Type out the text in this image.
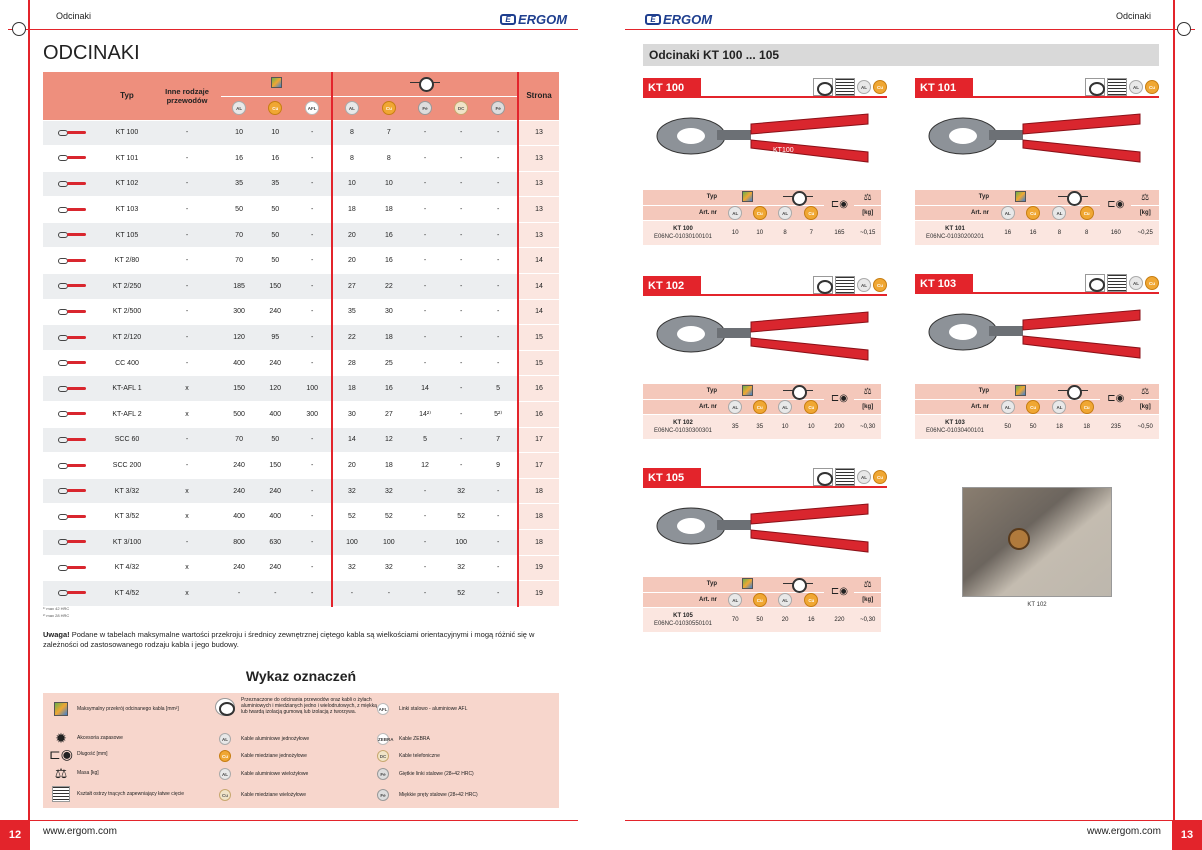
Odcinaki	E ERGOM
ODCINAKI
	Typ	Inne rodzaje przewodów									Strona
			AL	Cu	AFL	AL	Cu	Fe	DC	Fe	
	KT 100	-	10	10	-	8	7	-	-	-	13
	KT 101	-	16	16	-	8	8	-	-	-	13
	KT 102	-	35	35	-	10	10	-	-	-	13
	KT 103	-	50	50	-	18	18	-	-	-	13
	KT 105	-	70	50	-	20	16	-	-	-	13
	KT 2/80	-	70	50	-	20	16	-	-	-	14
	KT 2/250	-	185	150	-	27	22	-	-	-	14
	KT 2/500	-	300	240	-	35	30	-	-	-	14
	KT 2/120	-	120	95	-	22	18	-	-	-	15
	CC 400	-	400	240	-	28	25	-	-	-	15
	KT-AFL 1	x	150	120	100	18	16	14	-	5	16
	KT-AFL 2	x	500	400	300	30	27	14²⁾	-	5²⁾	16
	SCC 60	-	70	50	-	14	12	5	-	7	17
	SCC 200	-	240	150	-	20	18	12	-	9	17
	KT 3/32	x	240	240	-	32	32	-	32	-	18
	KT 3/52	x	400	400	-	52	52	-	52	-	18
	KT 3/100	-	800	630	-	100	100	-	100	-	18
	KT 4/32	x	240	240	-	32	32	-	32	-	19
	KT 4/52	x	-	-	-	-	-	-	52	-	19
¹⁾ max 42 HRC
²⁾ max 28 HRC
Uwaga! Podane w tabelach maksymalne wartości przekroju i średnicy zewnętrznej ciętego kabla są wielkościami orientacyjnymi i mogą różnić się w zależności od zastosowanego rodzaju kabla i jego budowy.
Wykaz oznaczeń
Maksymalny przekrój odcinanego kabla [mm²]
✹	Akcesoria zapasowe
⊏◉ Długość [mm]
⚖	Masa [kg]
Kształt ostrzy tnących zapewniający łatwe cięcie
Przeznaczone do odcinania przewodów oraz kabli o żyłach aluminiowych i miedzianych jedno i wielodrutowych, z miękką lub twardą izolacją gumową lub izolacją z tworzywa.
AL	Kable aluminiowe jednożyłowe
Cu	Kable miedziane jednożyłowe
AL	Kable aluminiowe wielożyłowe
Cu	Kable miedziane wielożyłowe
AFL	Linki stalowo - aluminiowe AFL
ZEBRA Kable ZEBRA
DC	Kable telefoniczne
Fe	Giętkie linki stalowe (28÷42 HRC)
Fe	Miękkie pręty stalowe (28÷42 HRC)
12	www.ergom.com
E ERGOM	Odcinaki
Odcinaki KT 100 ... 105
KT 100	AL	Cu
KT100
Typ					⊏◉	⚖
Art. nr	AL	Cu	AL	Cu		[kg]

KT 100
E06NC-01030100101	10	10	8	7	165	~0,15
KT 101	AL	Cu
Typ					⊏◉	⚖
Art. nr	AL	Cu	AL	Cu		[kg]

KT 101
E06NC-01030200201	16	16	8	8	160	~0,25
KT 102	AL	Cu
Typ					⊏◉	⚖
Art. nr	AL	Cu	AL	Cu		[kg]

KT 102
E06NC-01030300301	35	35	10	10	200	~0,30
KT 103	AL	Cu
Typ					⊏◉	⚖
Art. nr	AL	Cu	AL	Cu		[kg]

KT 103
E06NC-01030400101	50	50	18	18	235	~0,50
KT 105	AL	Cu
Typ					⊏◉	⚖
Art. nr	AL	Cu	AL	Cu		[kg]

KT 105
E06NC-01030550101	70	50	20	16	220	~0,30
KT 102
13
www.ergom.com
